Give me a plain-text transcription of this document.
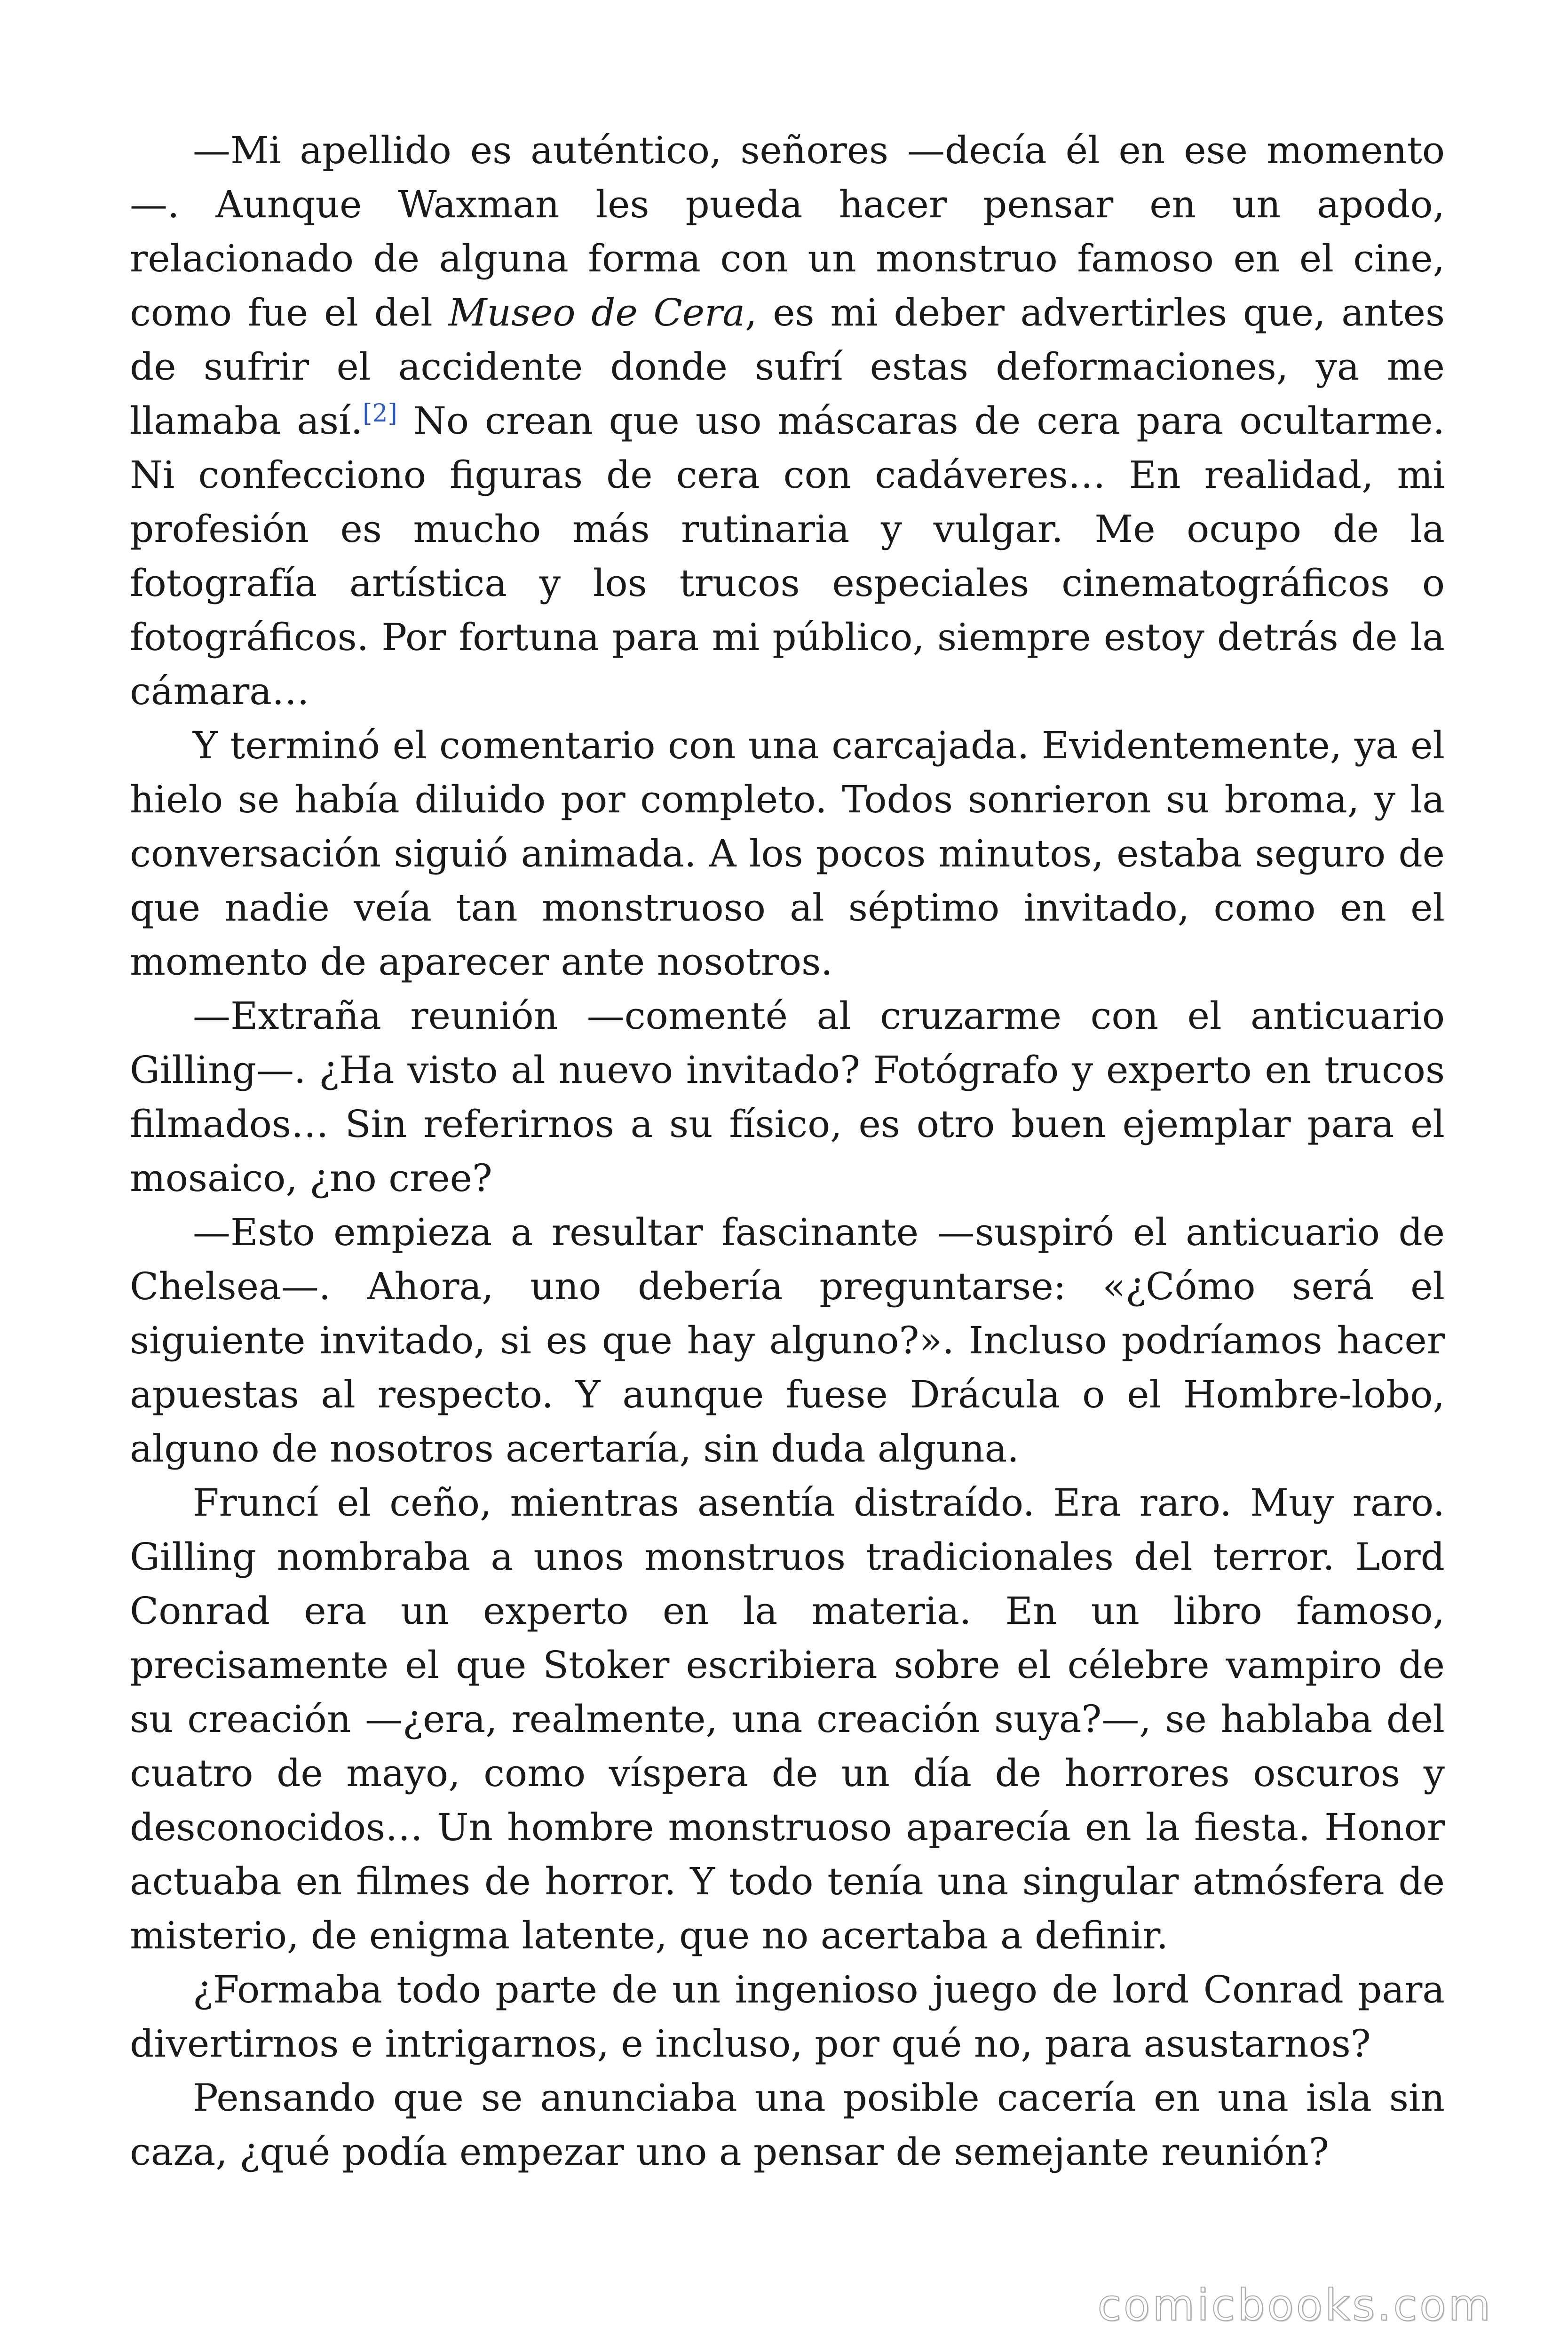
—Mi apellido es auténtico, señores —decía él en ese momento —. Aunque Waxman les pueda hacer pensar en un apodo, relacionado de alguna forma con un monstruo famoso en el cine, como fue el del Museo de Cera, es mi deber advertirles que, antes de sufrir el accidente donde sufrí estas deformaciones, ya me llamaba así.[2] No crean que uso máscaras de cera para ocultarme. Ni confecciono figuras de cera con cadáveres… En realidad, mi profesión es mucho más rutinaria y vulgar. Me ocupo de la fotografía artística y los trucos especiales cinematográficos o fotográficos. Por fortuna para mi público, siempre estoy detrás de la cámara…

Y terminó el comentario con una carcajada. Evidentemente, ya el hielo se había diluido por completo. Todos sonrieron su broma, y la conversación siguió animada. A los pocos minutos, estaba seguro de que nadie veía tan monstruoso al séptimo invitado, como en el momento de aparecer ante nosotros.

—Extraña reunión —comenté al cruzarme con el anticuario Gilling—. ¿Ha visto al nuevo invitado? Fotógrafo y experto en trucos filmados… Sin referirnos a su físico, es otro buen ejemplar para el mosaico, ¿no cree?

—Esto empieza a resultar fascinante —suspiró el anticuario de Chelsea—. Ahora, uno debería preguntarse: «¿Cómo será el siguiente invitado, si es que hay alguno?». Incluso podríamos hacer apuestas al respecto. Y aunque fuese Drácula o el Hombre-lobo, alguno de nosotros acertaría, sin duda alguna.

Fruncí el ceño, mientras asentía distraído. Era raro. Muy raro. Gilling nombraba a unos monstruos tradicionales del terror. Lord Conrad era un experto en la materia. En un libro famoso, precisamente el que Stoker escribiera sobre el célebre vampiro de su creación —¿era, realmente, una creación suya?—, se hablaba del cuatro de mayo, como víspera de un día de horrores oscuros y desconocidos… Un hombre monstruoso aparecía en la fiesta. Honor actuaba en filmes de horror. Y todo tenía una singular atmósfera de misterio, de enigma latente, que no acertaba a definir.

¿Formaba todo parte de un ingenioso juego de lord Conrad para divertirnos e intrigarnos, e incluso, por qué no, para asustarnos?

Pensando que se anunciaba una posible cacería en una isla sin caza, ¿qué podía empezar uno a pensar de semejante reunión?

comicbooks.com
